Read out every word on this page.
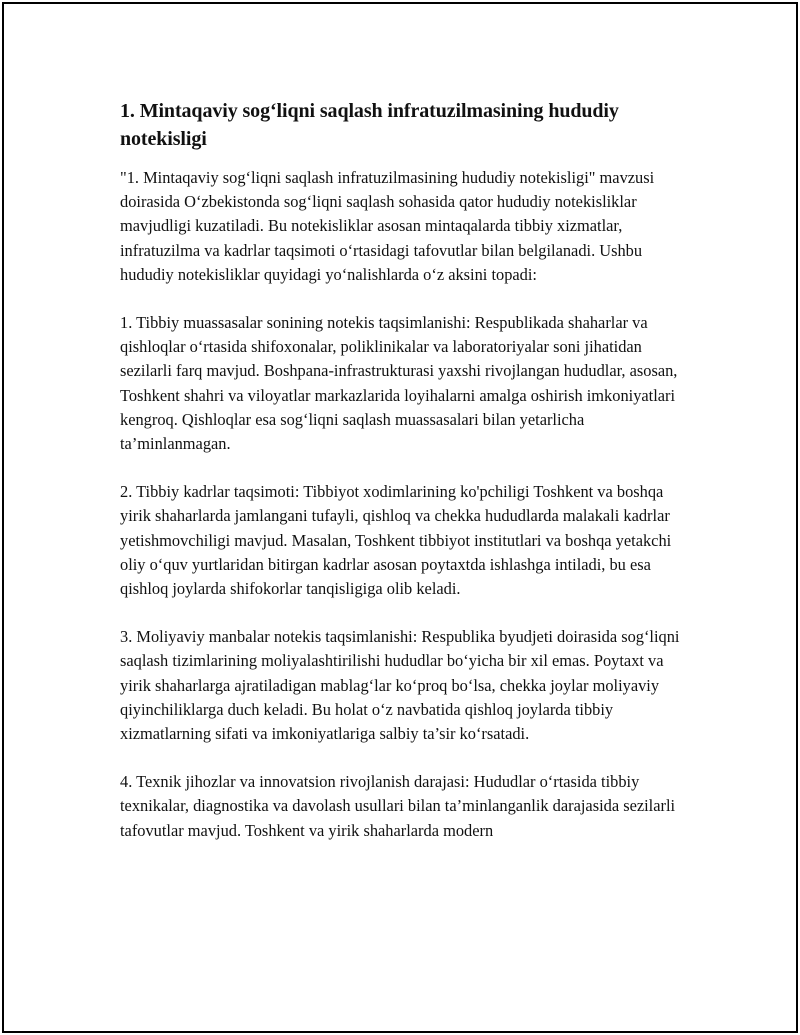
1. Mintaqaviy sog‘liqni saqlash infratuzilmasining hududiy notekisligi

"1. Mintaqaviy sog‘liqni saqlash infratuzilmasining hududiy notekisligi" mavzusi doirasida O‘zbekistonda sog‘liqni saqlash sohasida qator hududiy notekisliklar mavjudligi kuzatiladi. Bu notekisliklar asosan mintaqalarda tibbiy xizmatlar, infratuzilma va kadrlar taqsimoti o‘rtasidagi tafovutlar bilan belgilanadi. Ushbu hududiy notekisliklar quyidagi yo‘nalishlarda o‘z aksini topadi:

1. Tibbiy muassasalar sonining notekis taqsimlanishi: Respublikada shaharlar va qishloqlar o‘rtasida shifoxonalar, poliklinikalar va laboratoriyalar soni jihatidan sezilarli farq mavjud. Boshpana-infrastrukturasi yaxshi rivojlangan hududlar, asosan, Toshkent shahri va viloyatlar markazlarida loyihalarni amalga oshirish imkoniyatlari kengroq. Qishloqlar esa sog‘liqni saqlash muassasalari bilan yetarlicha ta’minlanmagan.

2. Tibbiy kadrlar taqsimoti: Tibbiyot xodimlarining ko'pchiligi Toshkent va boshqa yirik shaharlarda jamlangani tufayli, qishloq va chekka hududlarda malakali kadrlar yetishmovchiligi mavjud. Masalan, Toshkent tibbiyot institutlari va boshqa yetakchi oliy o‘quv yurtlaridan bitirgan kadrlar asosan poytaxtda ishlashga intiladi, bu esa qishloq joylarda shifokorlar tanqisligiga olib keladi.

3. Moliyaviy manbalar notekis taqsimlanishi: Respublika byudjeti doirasida sog‘liqni saqlash tizimlarining moliyalashtirilishi hududlar bo‘yicha bir xil emas. Poytaxt va yirik shaharlarga ajratiladigan mablag‘lar ko‘proq bo‘lsa, chekka joylar moliyaviy qiyinchiliklarga duch keladi. Bu holat o‘z navbatida qishloq joylarda tibbiy xizmatlarning sifati va imkoniyatlariga salbiy ta’sir ko‘rsatadi.

4. Texnik jihozlar va innovatsion rivojlanish darajasi: Hududlar o‘rtasida tibbiy texnikalar, diagnostika va davolash usullari bilan ta’minlanganlik darajasida sezilarli tafovutlar mavjud. Toshkent va yirik shaharlarda modern
